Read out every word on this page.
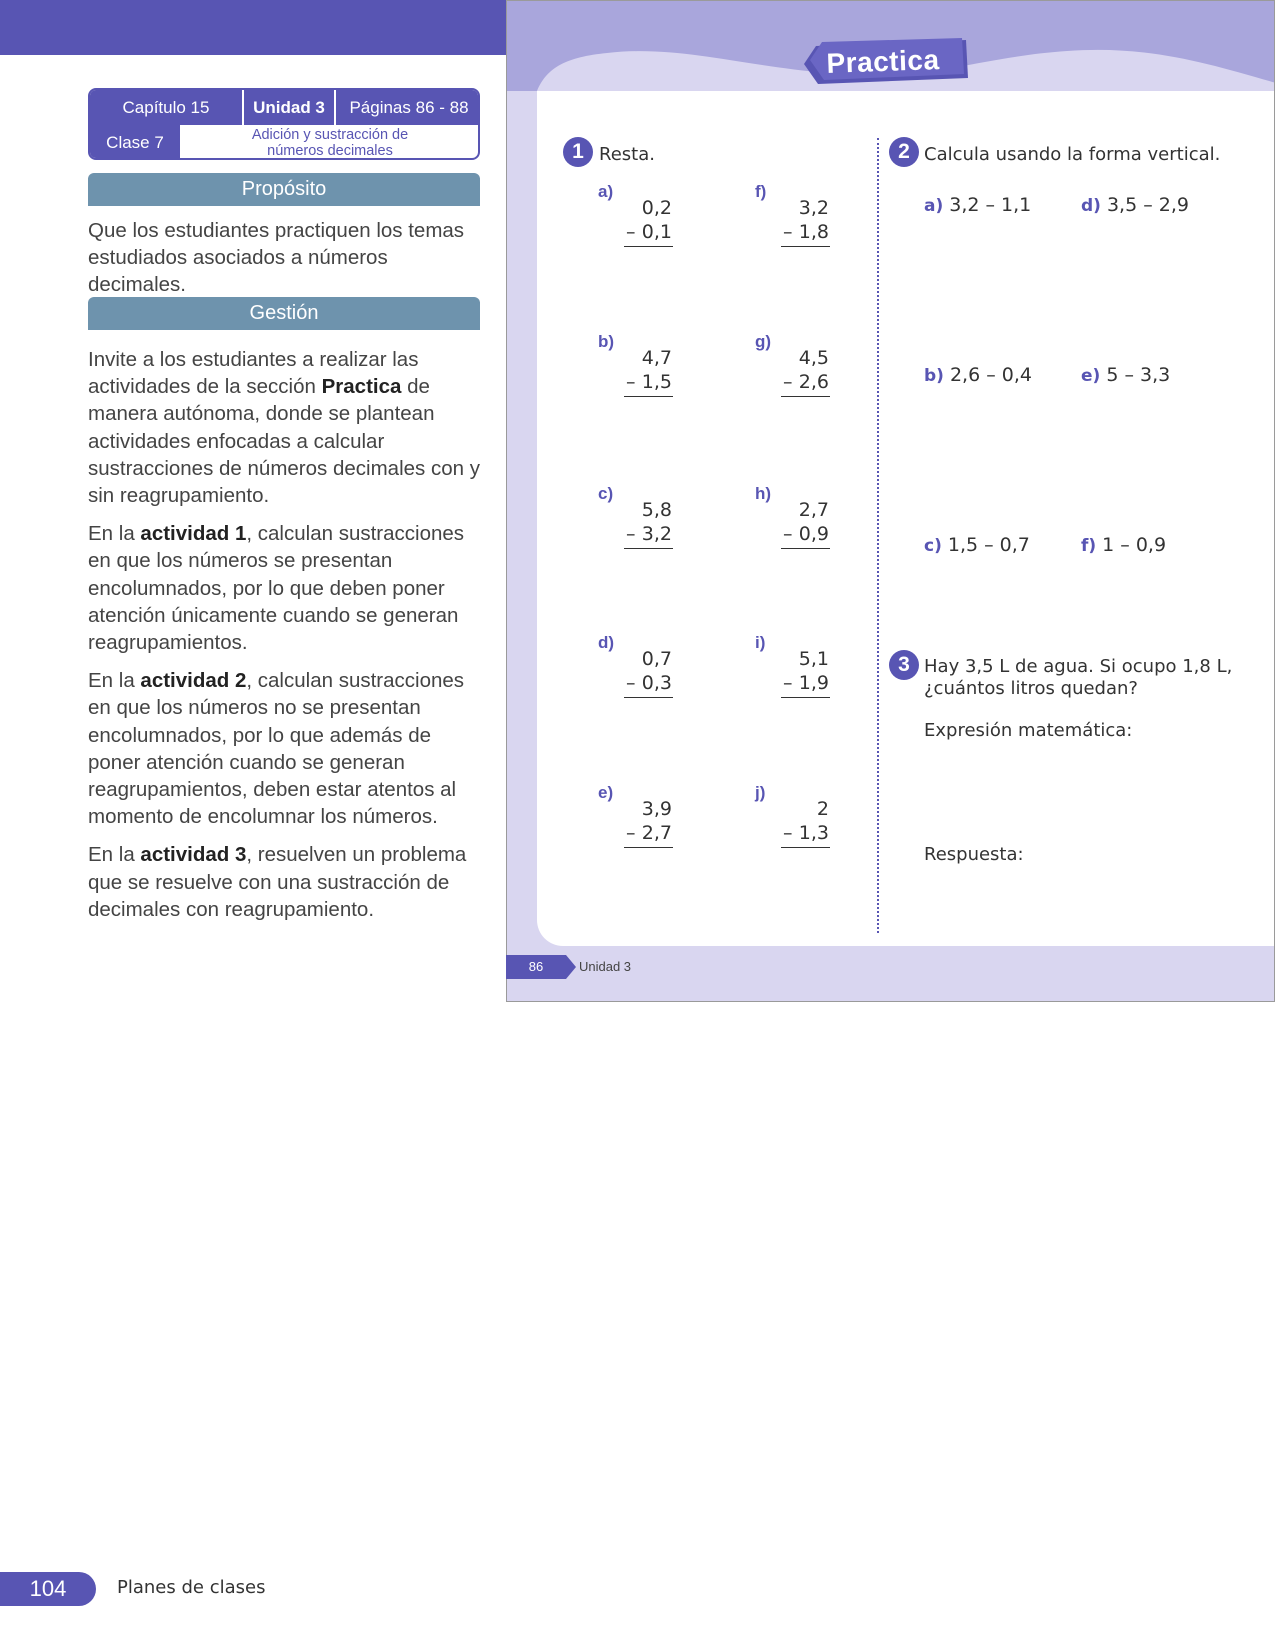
Capítulo 15	Unidad 3	Páginas 86 - 88
Clase 7	Adición y sustracción de
números decimales
Propósito

Que los estudiantes practiquen los temas estudiados asociados a números decimales.

Gestión

Invite a los estudiantes a realizar las actividades de la sección Practica de manera autónoma, donde se plantean actividades enfocadas a calcular sustracciones de números decimales con y sin reagrupamiento.

En la actividad 1, calculan sustracciones en que los números se presentan encolumnados, por lo que deben poner atención únicamente cuando se generan reagrupamientos.

En la actividad 2, calculan sustracciones en que los números no se presentan encolumnados, por lo que además de poner atención cuando se generan reagrupamientos, deben estar atentos al momento de encolumnar los números.

En la actividad 3, resuelven un problema que se resuelve con una sustracción de decimales con reagrupamiento.

Practica
1 Resta.
a)
0,2
– 0,1
b)
4,7
– 1,5
c)
5,8
– 3,2
d)
0,7
– 0,3
e)
3,9
– 2,7
f)
3,2
– 1,8
g)
4,5
– 2,6
h)
2,7
– 0,9
i)
5,1
– 1,9
j)
2
– 1,3
2 Calcula usando la forma vertical.
a) 3,2 – 1,1
b) 2,6 – 0,4
c) 1,5 – 0,7
d) 3,5 – 2,9
e) 5 – 3,3
f) 1 – 0,9
3 Hay 3,5 L de agua. Si ocupo 1,8 L,
¿cuántos litros quedan?
Expresión matemática:
Respuesta:
86	Unidad 3
104	Planes de clases
